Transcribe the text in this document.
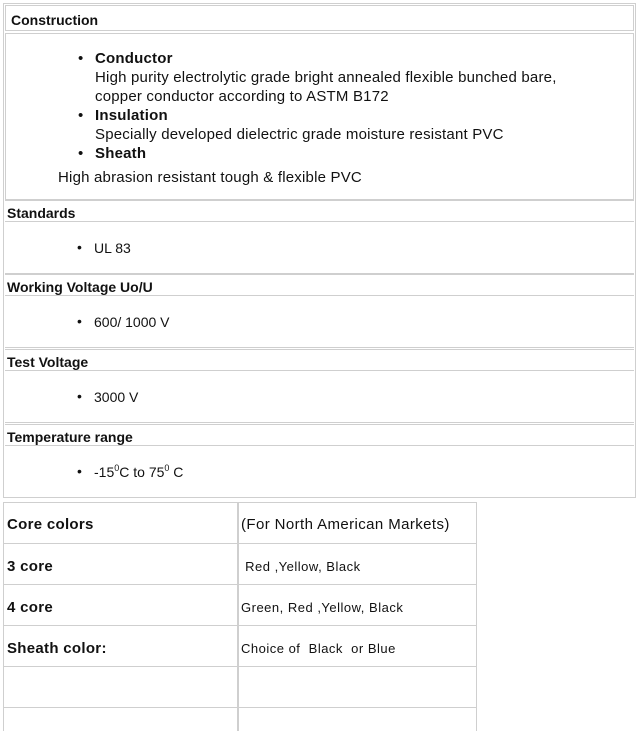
Construction
• Conductor
High purity electrolytic grade bright annealed flexible bunched bare,
copper conductor according to ASTM B172
• Insulation
Specially developed dielectric grade moisture resistant PVC
• Sheath
High abrasion resistant tough & flexible PVC
Standards
• UL 83
Working Voltage Uo/U
• 600/ 1000 V
Test Voltage
• 3000 V
Temperature range
• $-15^0C$ to $75^0$ C
Core colors	(For North American Markets)
3 core	Red ,Yellow, Black
4 core	Green, Red ,Yellow, Black
Sheath color:	Choice of  Black  or Blue
